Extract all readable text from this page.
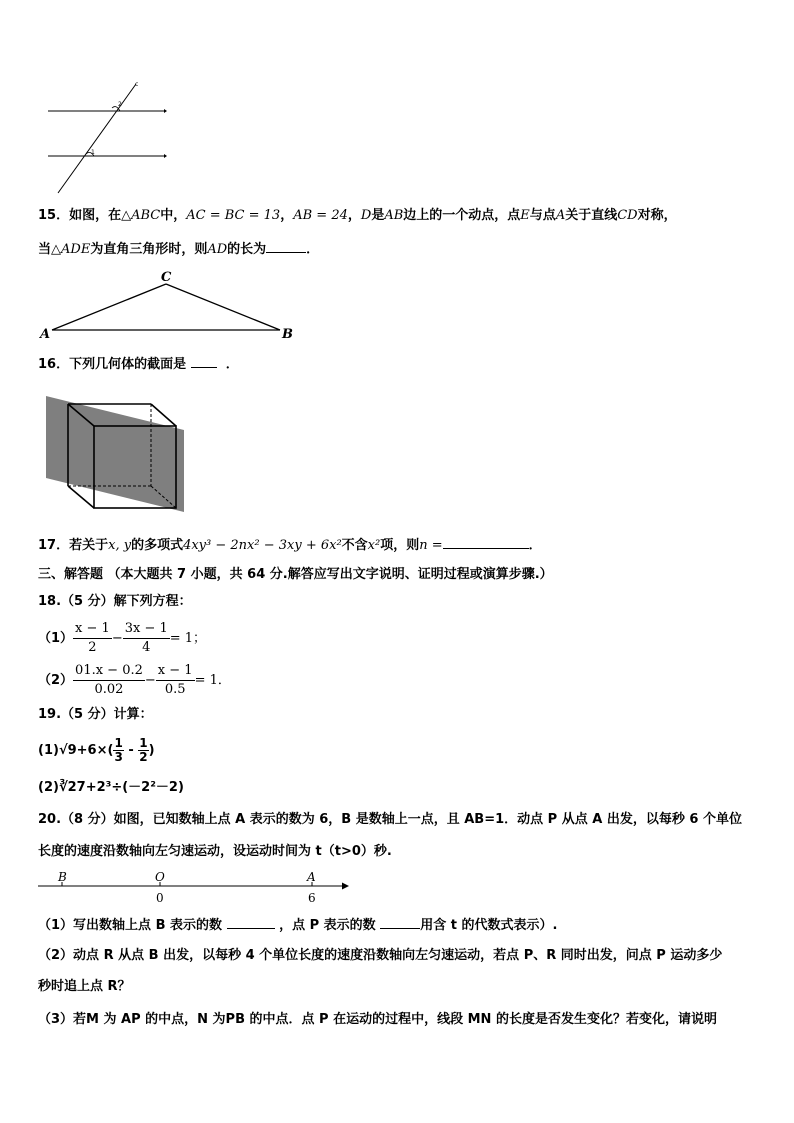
2
1
c
15．如图，在△ABC中，AC = BC = 13，AB = 24，D是AB边上的一个动点，点E与点A关于直线CD对称，
当△ADE为直角三角形时，则AD的长为	．
C
A	B
16．下列几何体的截面是	．
17．若关于x, y的多项式4xy³ − 2nx² − 3xy + 6x²不含x²项，则n =	．
三、解答题 （本大题共 7 小题，共 64 分.解答应写出文字说明、证明过程或演算步骤.）
18.（5 分）解下列方程：
$(1) \frac{x - 1}{2} - \frac{3x - 1}{4} = 1$；
$(2) \frac{01.x - 0.2}{0.02} - \frac{x - 1}{0.5} = 1$．
19.（5 分）计算：
$(1)√9+6\times( \frac{1}{3} - \frac{1}{2}$ )
(2)∛27+2³÷(－2²－2)
20.（8 分）如图，已知数轴上点 A 表示的数为 6，B 是数轴上一点，且 AB=1．动点 P 从点 A 出发，以每秒 6 个单位
长度的速度沿数轴向左匀速运动，设运动时间为 t（t>0）秒.
B	O	A
0	6
（1）写出数轴上点 B 表示的数	，点 P 表示的数	用含 t 的代数式表示）.
（2）动点 R 从点 B 出发，以每秒 4 个单位长度的速度沿数轴向左匀速运动，若点 P、R 同时出发，问点 P 运动多少
秒时追上点 R？
（3）若M 为 AP 的中点，N 为PB 的中点．点 P 在运动的过程中，线段 MN 的长度是否发生变化？若变化，请说明
